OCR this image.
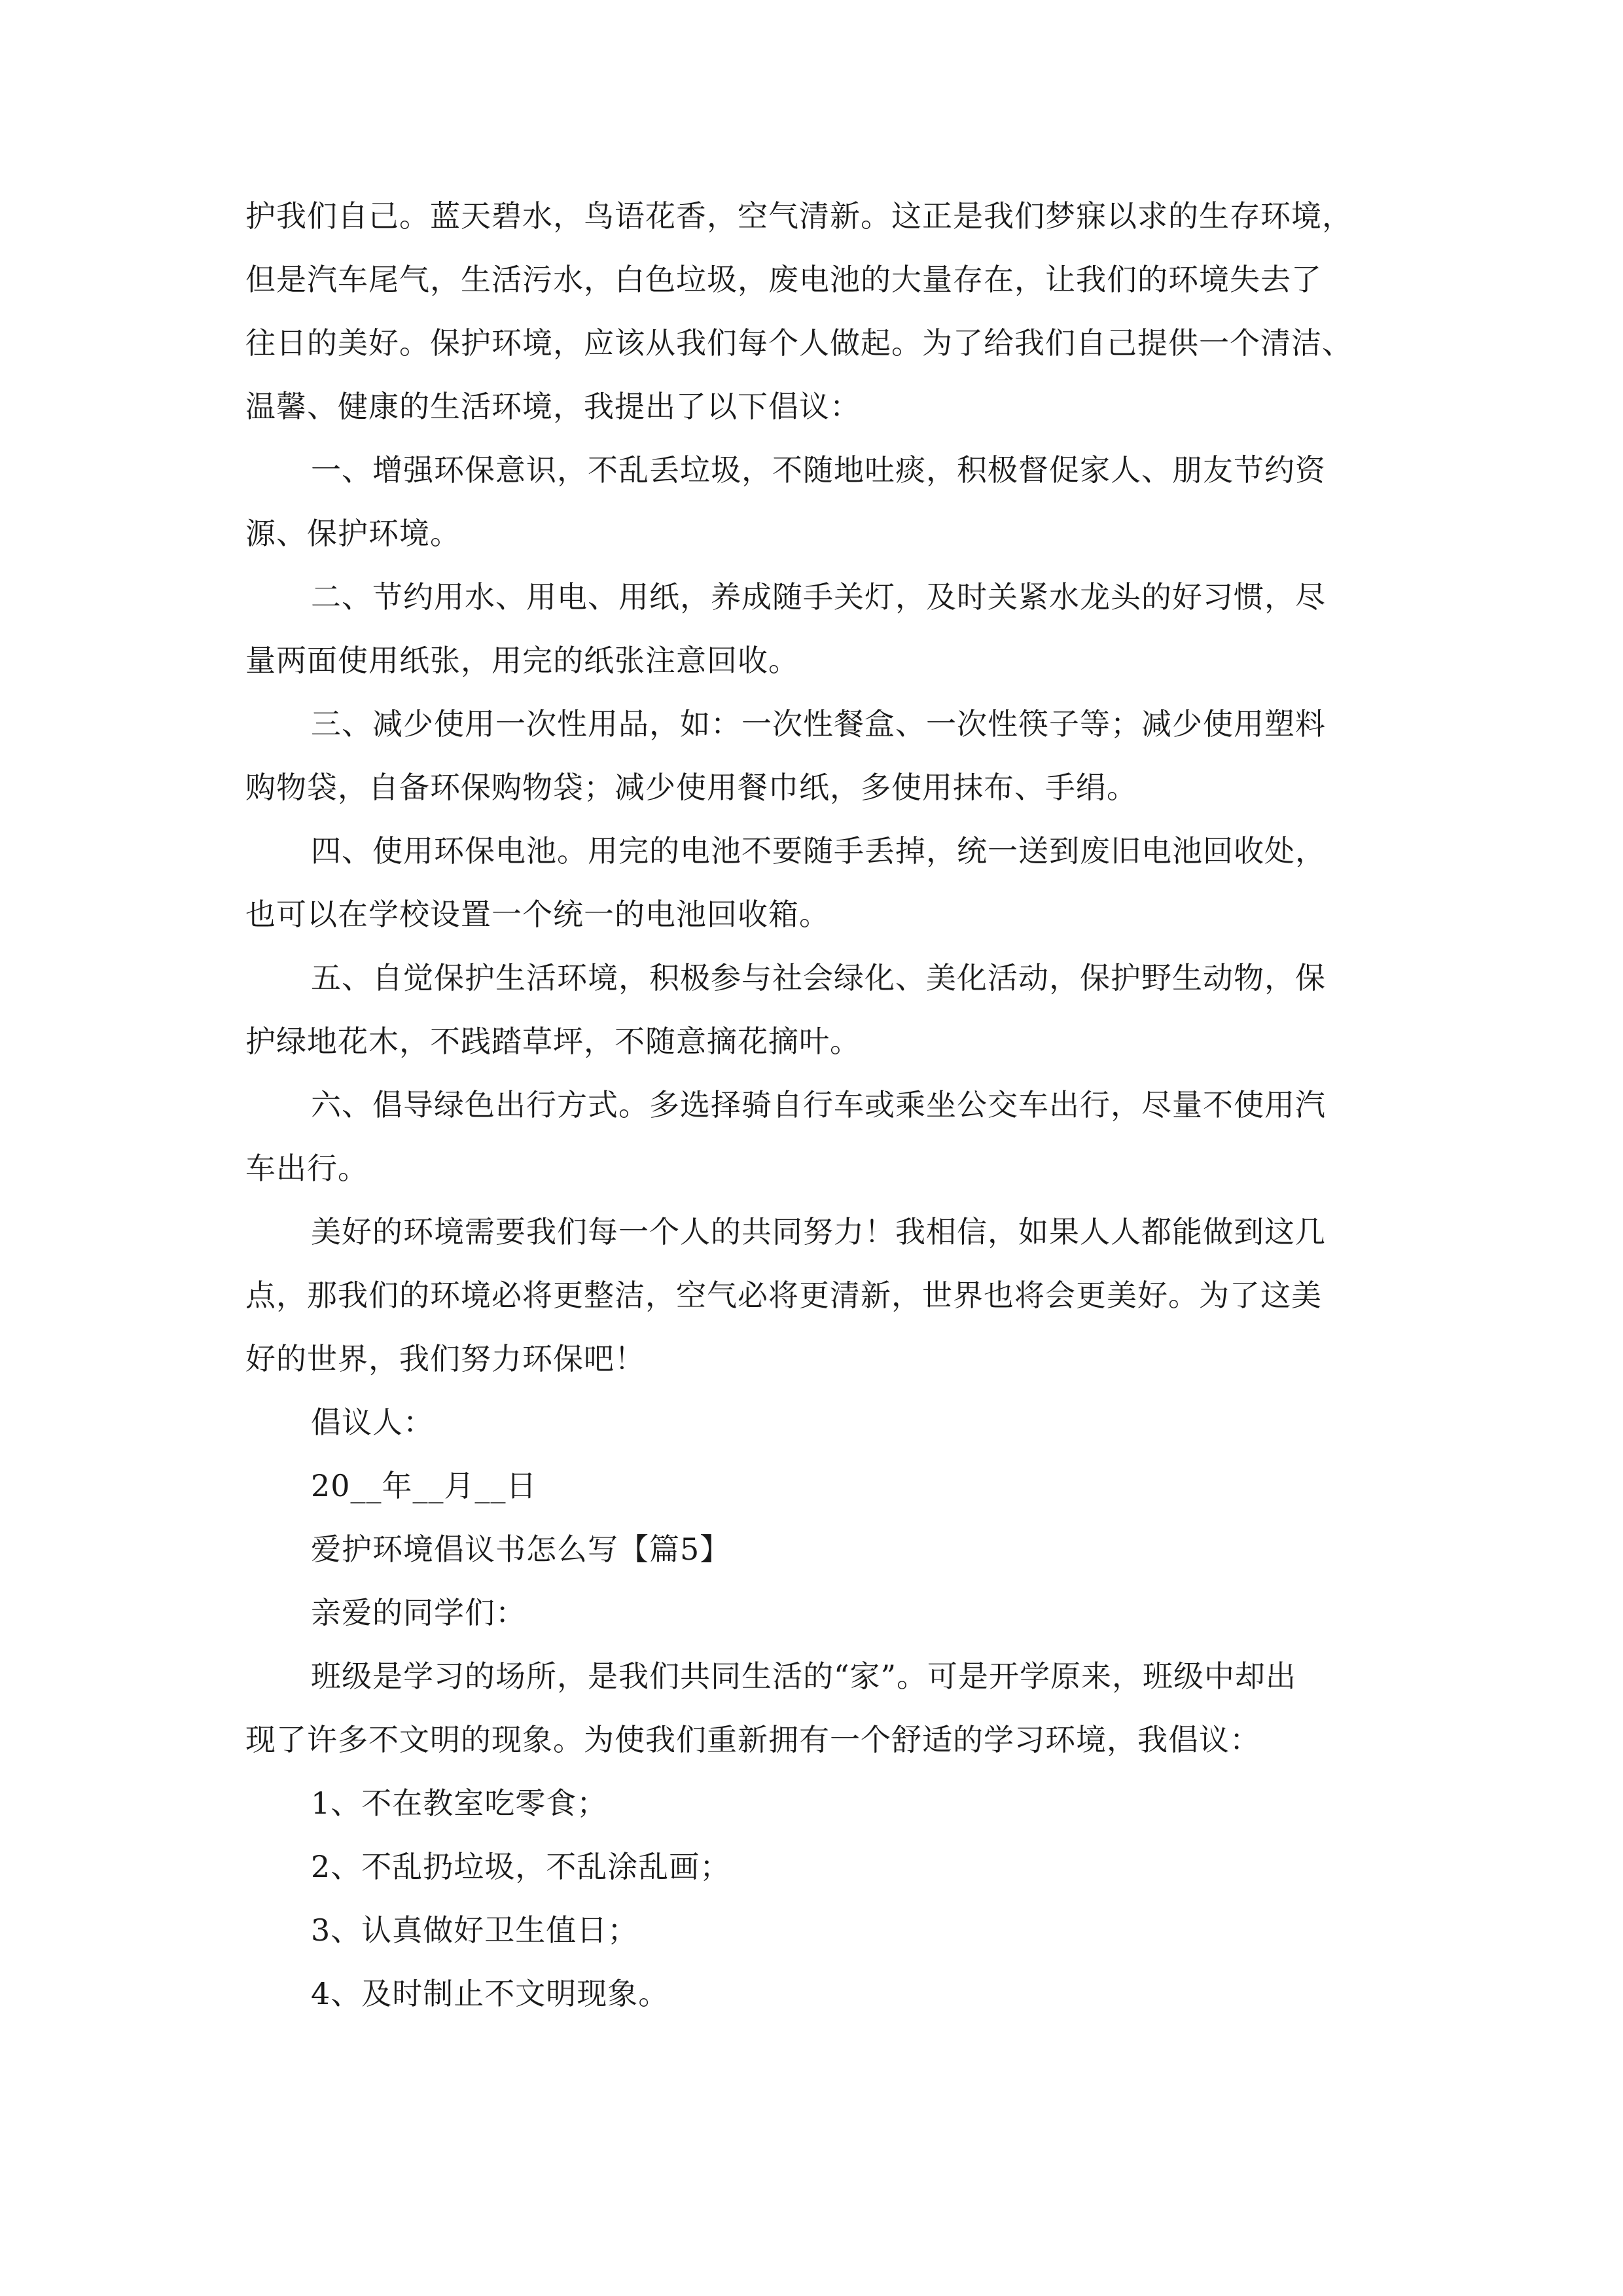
护我们自己。蓝天碧水，鸟语花香，空气清新。这正是我们梦寐以求的生存环境，
但是汽车尾气，生活污水，白色垃圾，废电池的大量存在，让我们的环境失去了
往日的美好。保护环境，应该从我们每个人做起。为了给我们自己提供一个清洁、
温馨、健康的生活环境，我提出了以下倡议：
一、增强环保意识，不乱丢垃圾，不随地吐痰，积极督促家人、朋友节约资
源、保护环境。
二、节约用水、用电、用纸，养成随手关灯，及时关紧水龙头的好习惯，尽
量两面使用纸张，用完的纸张注意回收。
三、减少使用一次性用品，如：一次性餐盒、一次性筷子等；减少使用塑料
购物袋，自备环保购物袋；减少使用餐巾纸，多使用抹布、手绢。
四、使用环保电池。用完的电池不要随手丢掉，统一送到废旧电池回收处，
也可以在学校设置一个统一的电池回收箱。
五、自觉保护生活环境，积极参与社会绿化、美化活动，保护野生动物，保
护绿地花木，不践踏草坪，不随意摘花摘叶。
六、倡导绿色出行方式。多选择骑自行车或乘坐公交车出行，尽量不使用汽
车出行。
美好的环境需要我们每一个人的共同努力！我相信，如果人人都能做到这几
点，那我们的环境必将更整洁，空气必将更清新，世界也将会更美好。为了这美
好的世界，我们努力环保吧！
倡议人：
20__年__月__日
爱护环境倡议书怎么写【篇5】
亲爱的同学们：
班级是学习的场所，是我们共同生活的“家”。可是开学原来，班级中却出
现了许多不文明的现象。为使我们重新拥有一个舒适的学习环境，我倡议：
1、不在教室吃零食；
2、不乱扔垃圾，不乱涂乱画；
3、认真做好卫生值日；
4、及时制止不文明现象。
